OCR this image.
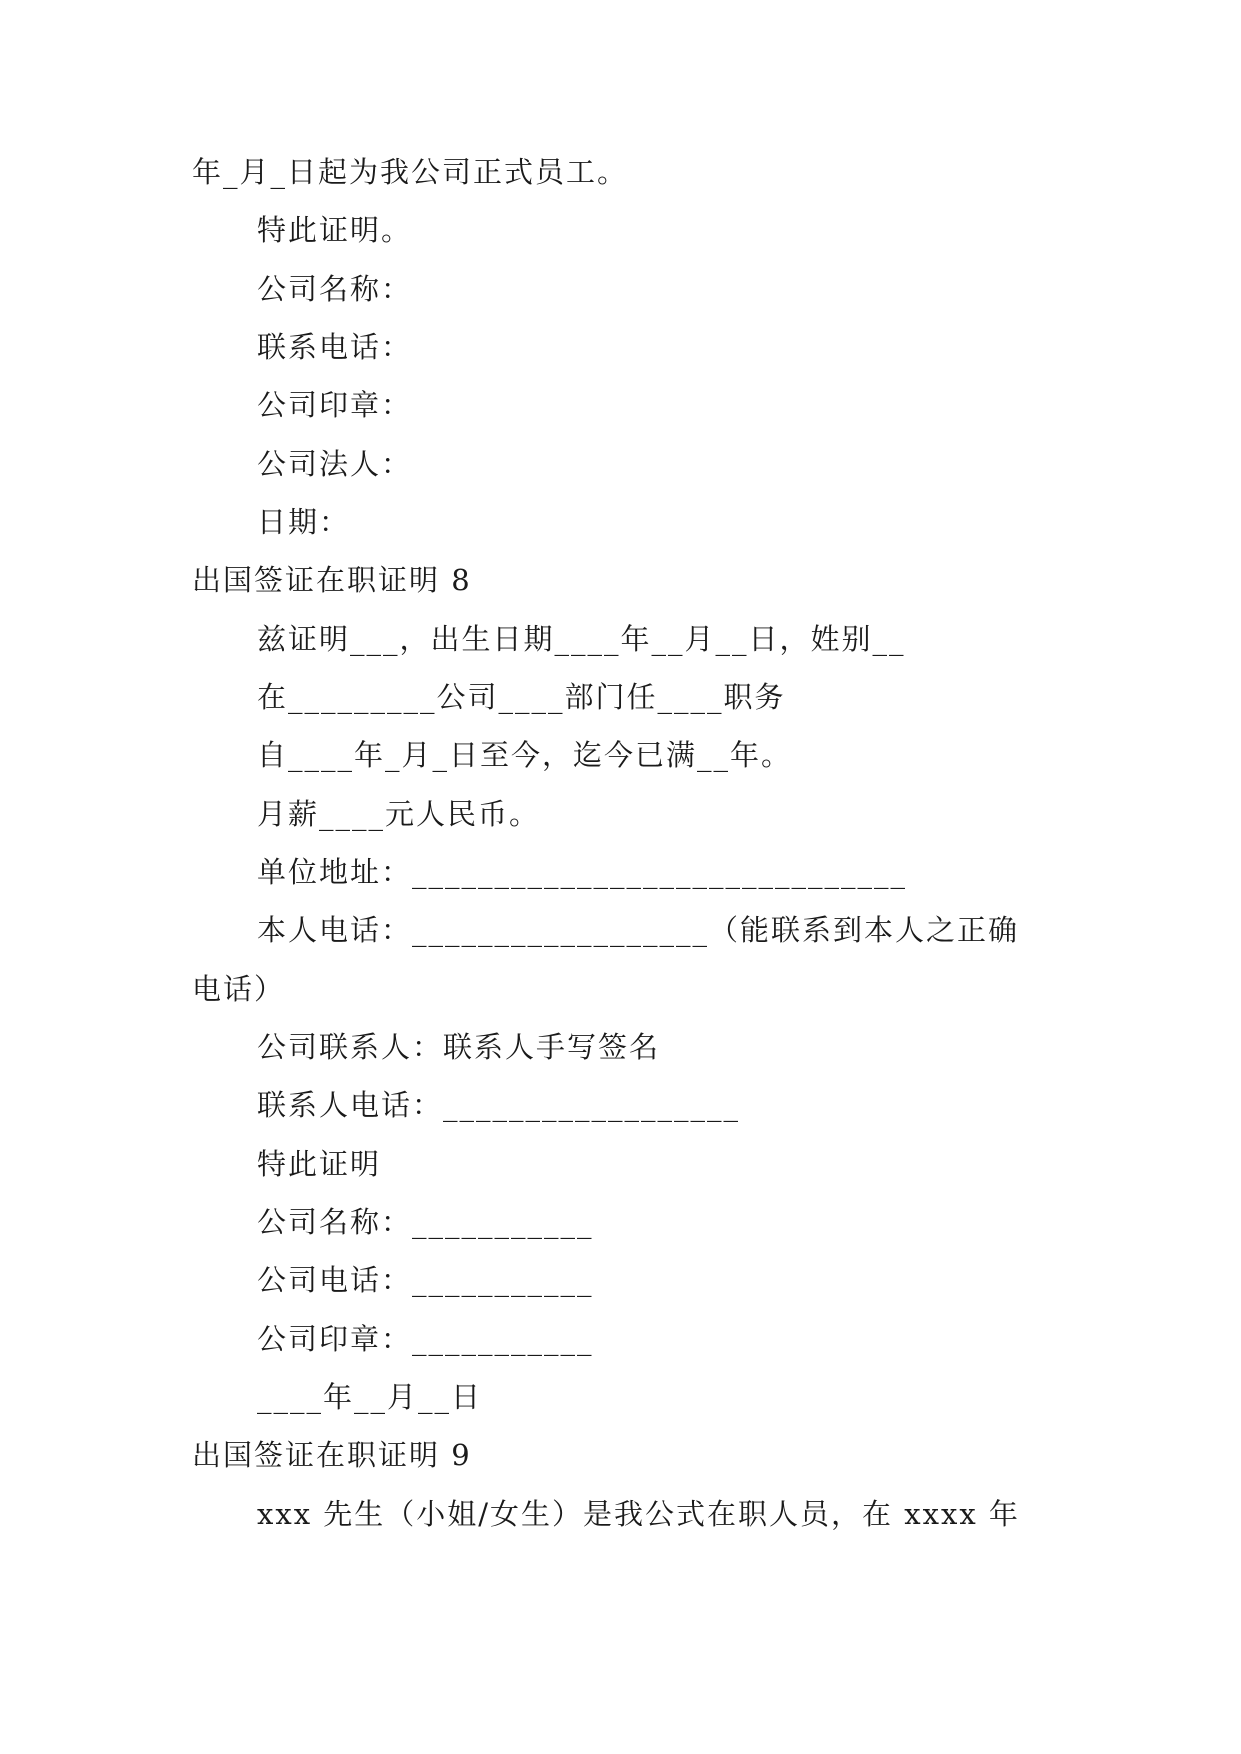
年_月_日起为我公司正式员工。
特此证明。
公司名称：
联系电话：
公司印章：
公司法人：
日期：
出国签证在职证明 8
兹证明___，出生日期____年__月__日，姓别__
在_________公司____部门任____职务
自____年_月_日至今，迄今已满__年。
月薪____元人民币。
单位地址：______________________________
本人电话：__________________（能联系到本人之正确
电话）
公司联系人：联系人手写签名
联系人电话：__________________
特此证明
公司名称：___________
公司电话：___________
公司印章：___________
____年__月__日
出国签证在职证明 9
xxx 先生（小姐/女生）是我公式在职人员，在 xxxx 年
